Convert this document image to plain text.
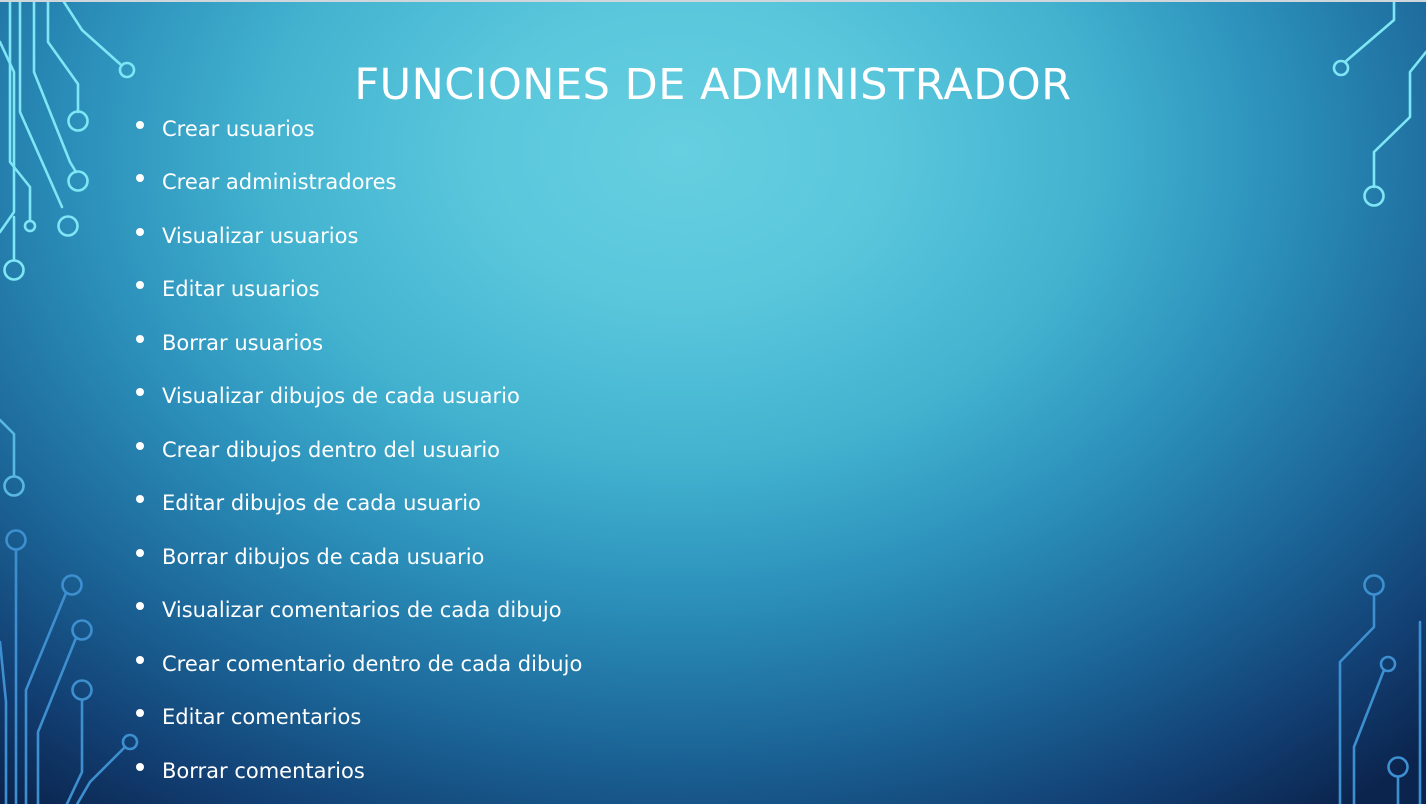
FUNCIONES DE ADMINISTRADOR
Crear usuarios
Crear administradores
Visualizar usuarios
Editar usuarios
Borrar usuarios
Visualizar dibujos de cada usuario
Crear dibujos dentro del usuario
Editar dibujos de cada usuario
Borrar dibujos de cada usuario
Visualizar comentarios de cada dibujo
Crear comentario dentro de cada dibujo
Editar comentarios
Borrar comentarios
